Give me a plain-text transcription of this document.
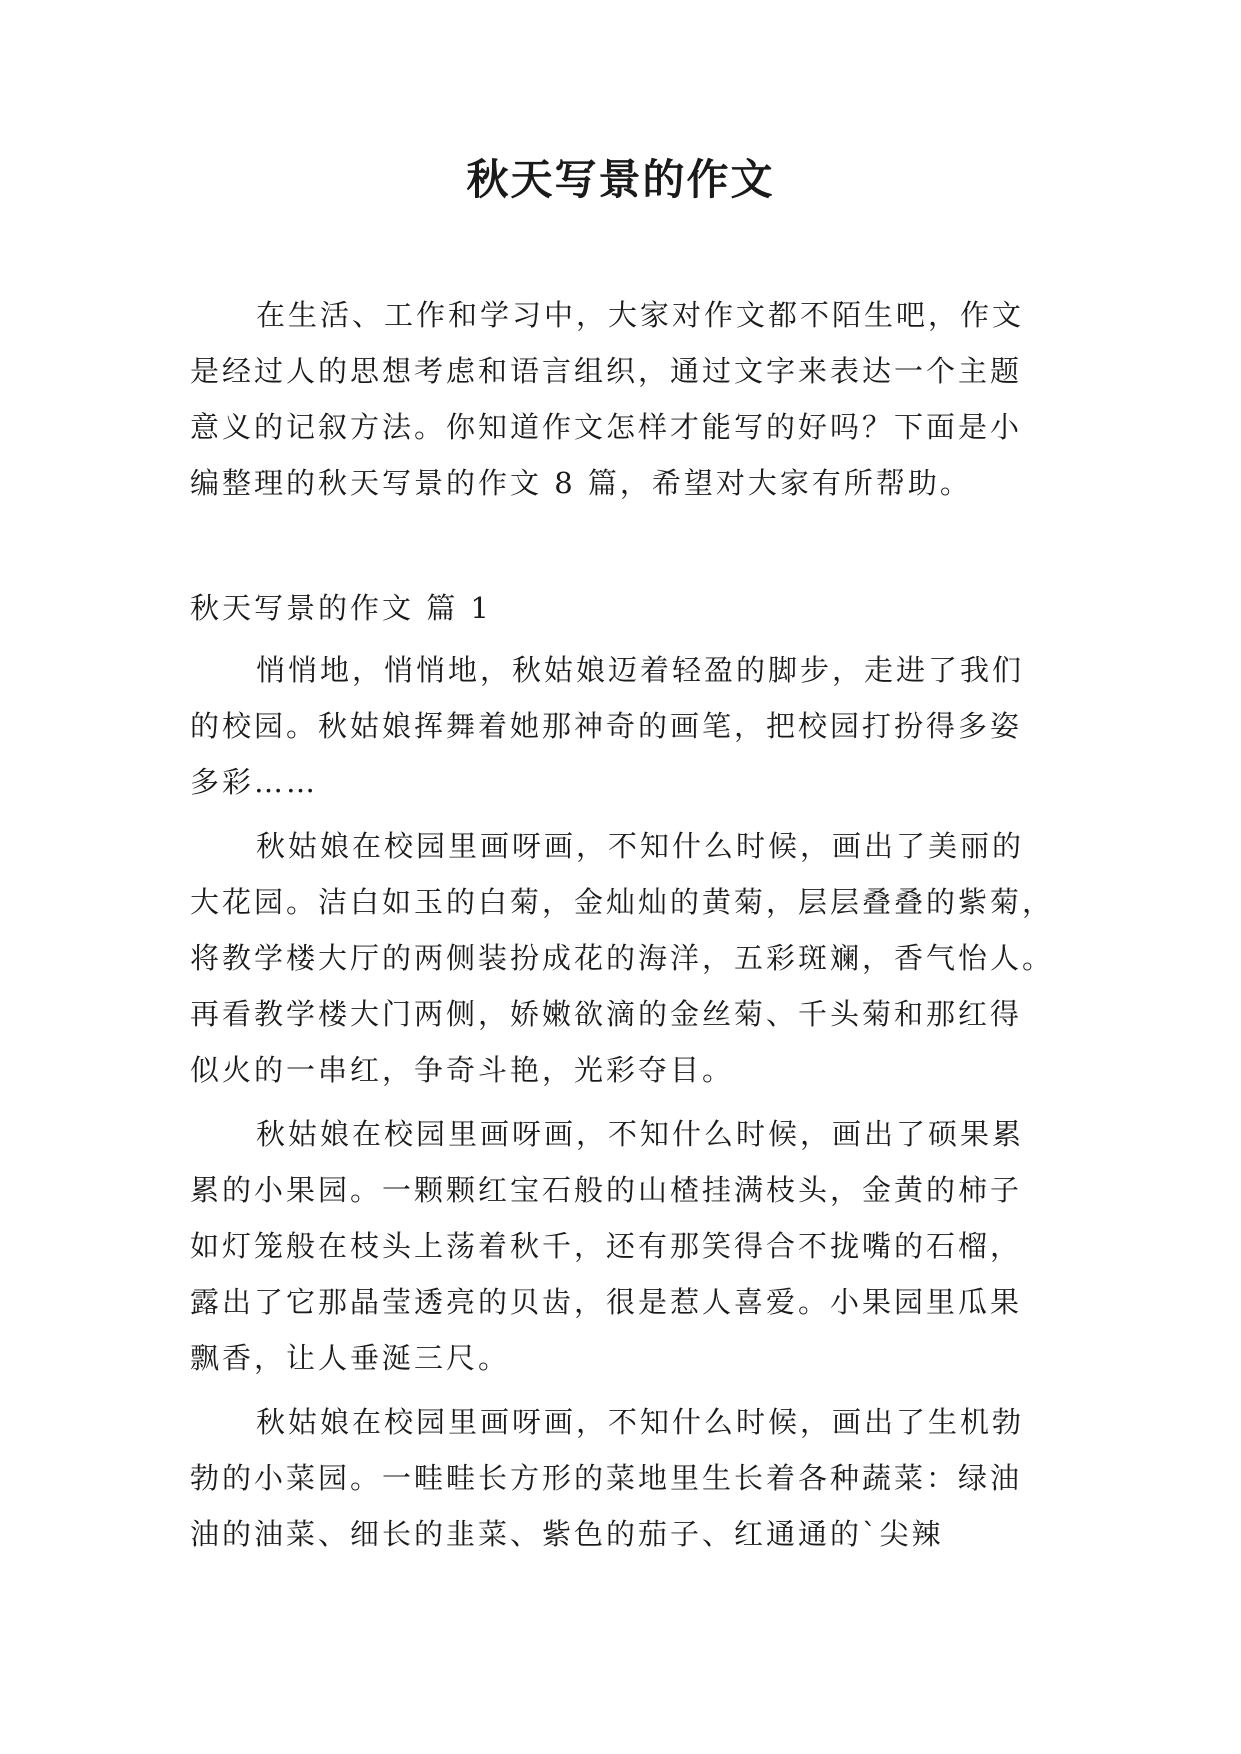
秋天写景的作文
在生活、工作和学习中，大家对作文都不陌生吧，作文
是经过人的思想考虑和语言组织，通过文字来表达一个主题
意义的记叙方法。你知道作文怎样才能写的好吗？下面是小
编整理的秋天写景的作文 8 篇，希望对大家有所帮助。
秋天写景的作文 篇 1
悄悄地，悄悄地，秋姑娘迈着轻盈的脚步，走进了我们
的校园。秋姑娘挥舞着她那神奇的画笔，把校园打扮得多姿
多彩……
秋姑娘在校园里画呀画，不知什么时候，画出了美丽的
大花园。洁白如玉的白菊，金灿灿的黄菊，层层叠叠的紫菊，
将教学楼大厅的两侧装扮成花的海洋，五彩斑斓，香气怡人。
再看教学楼大门两侧，娇嫩欲滴的金丝菊、千头菊和那红得
似火的一串红，争奇斗艳，光彩夺目。
秋姑娘在校园里画呀画，不知什么时候，画出了硕果累
累的小果园。一颗颗红宝石般的山楂挂满枝头，金黄的柿子
如灯笼般在枝头上荡着秋千，还有那笑得合不拢嘴的石榴，
露出了它那晶莹透亮的贝齿，很是惹人喜爱。小果园里瓜果
飘香，让人垂涎三尺。
秋姑娘在校园里画呀画，不知什么时候，画出了生机勃
勃的小菜园。一畦畦长方形的菜地里生长着各种蔬菜：绿油
油的油菜、细长的韭菜、紫色的茄子、红通通的`尖辣
